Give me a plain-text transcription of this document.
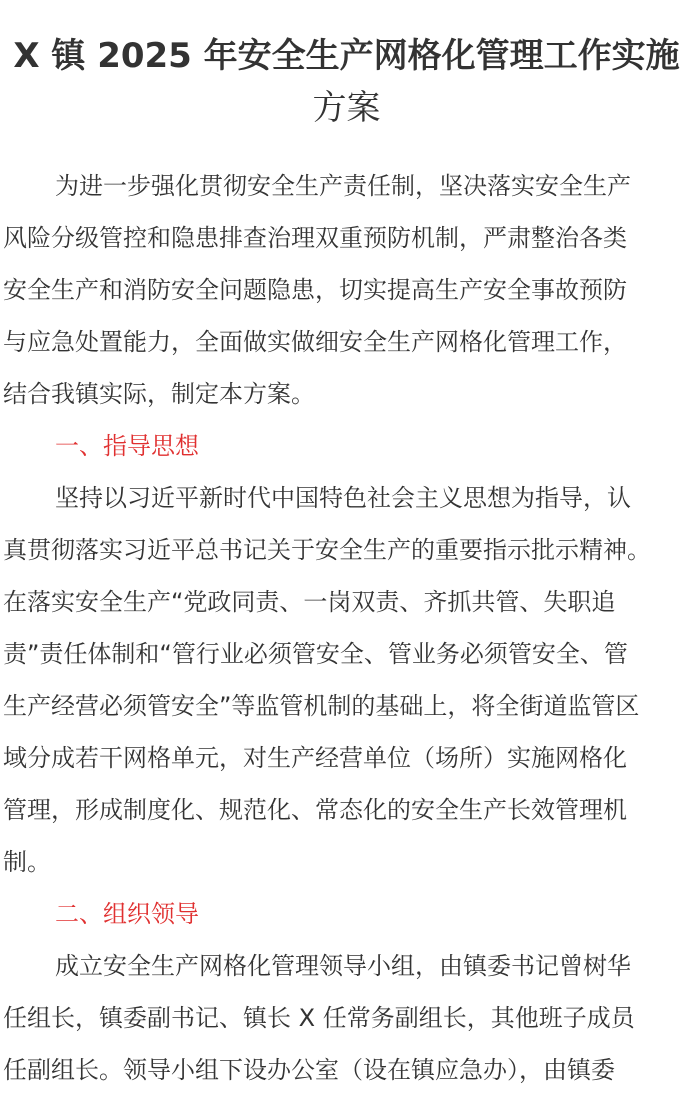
X 镇 2025 年安全生产网格化管理工作实施
方案
为进一步强化贯彻安全生产责任制，坚决落实安全生产
风险分级管控和隐患排查治理双重预防机制，严肃整治各类
安全生产和消防安全问题隐患，切实提高生产安全事故预防
与应急处置能力，全面做实做细安全生产网格化管理工作，
结合我镇实际，制定本方案。
一、指导思想
坚持以习近平新时代中国特色社会主义思想为指导，认
真贯彻落实习近平总书记关于安全生产的重要指示批示精神。
在落实安全生产“党政同责、一岗双责、齐抓共管、失职追
责”责任体制和“管行业必须管安全、管业务必须管安全、管
生产经营必须管安全”等监管机制的基础上，将全街道监管区
域分成若干网格单元，对生产经营单位（场所）实施网格化
管理，形成制度化、规范化、常态化的安全生产长效管理机
制。
二、组织领导
成立安全生产网格化管理领导小组，由镇委书记曾树华
任组长，镇委副书记、镇长 X 任常务副组长，其他班子成员
任副组长。领导小组下设办公室（设在镇应急办），由镇委
